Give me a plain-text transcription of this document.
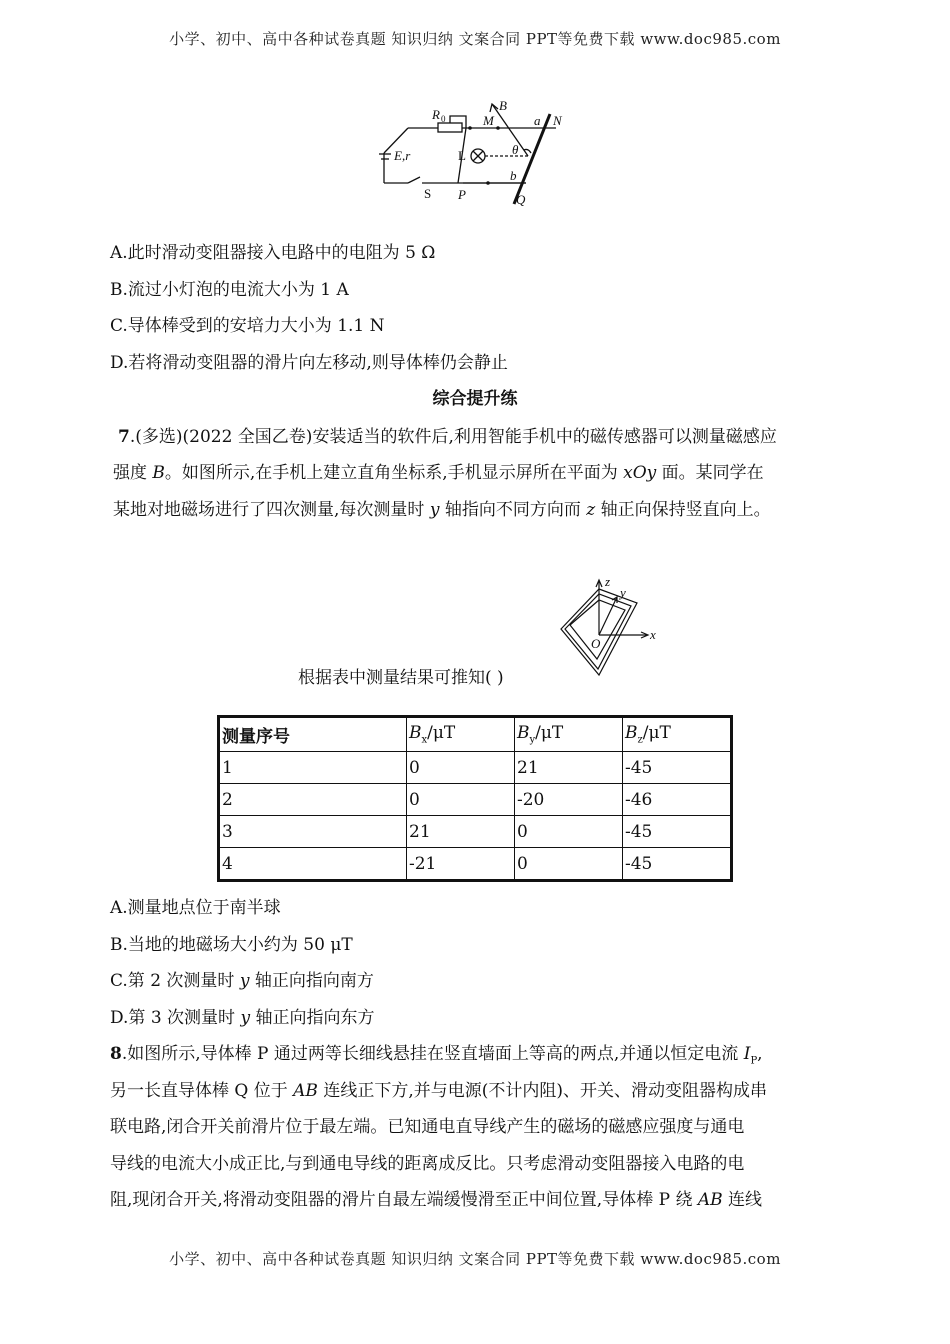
小学、初中、高中各种试卷真题 知识归纳 文案合同 PPT等免费下载 www.doc985.com
R 0	M
B
a N
E,r	L	θ
S P
b
Q
A.此时滑动变阻器接入电路中的电阻为 5 Ω
B.流过小灯泡的电流大小为 1 A
C.导体棒受到的安培力大小为 1.1 N
D.若将滑动变阻器的滑片向左移动,则导体棒仍会静止
综合提升练
7.(多选)(2022 全国乙卷)安装适当的软件后,利用智能手机中的磁传感器可以测量磁感应
强度 B。如图所示,在手机上建立直角坐标系,手机显示屏所在平面为 xOy 面。某同学在
某地对地磁场进行了四次测量,每次测量时 y 轴指向不同方向而 z 轴正向保持竖直向上。
z
y
x
O
根据表中测量结果可推知( )
测量序号	$B_x/\mu T$	$B_y/\mu T$	$B_z/\mu T$
1	0	21	-45
2	0	-20	-46
3	21	0	-45
4	-21	0	-45
A.测量地点位于南半球
B.当地的地磁场大小约为 50 μT
C.第 2 次测量时 y 轴正向指向南方
D.第 3 次测量时 y 轴正向指向东方
8.如图所示,导体棒 P 通过两等长细线悬挂在竖直墙面上等高的两点,并通以恒定电流 $I_P$,
另一长直导体棒 Q 位于 AB 连线正下方,并与电源(不计内阻)、开关、滑动变阻器构成串
联电路,闭合开关前滑片位于最左端。已知通电直导线产生的磁场的磁感应强度与通电
导线的电流大小成正比,与到通电导线的距离成反比。只考虑滑动变阻器接入电路的电
阻,现闭合开关,将滑动变阻器的滑片自最左端缓慢滑至正中间位置,导体棒 P 绕 AB 连线
小学、初中、高中各种试卷真题 知识归纳 文案合同 PPT等免费下载 www.doc985.com
